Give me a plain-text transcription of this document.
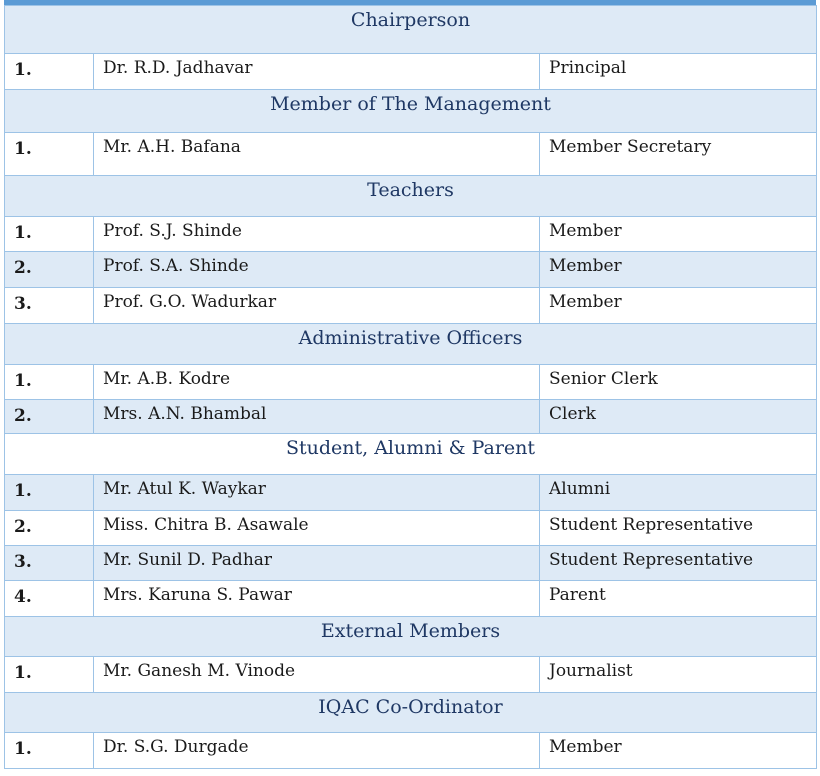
Chairperson		
1.	Dr. R.D. Jadhavar	Principal
Member of The Management		
1.	Mr. A.H. Bafana	Member Secretary
Teachers		
1.	Prof. S.J. Shinde	Member
2.	Prof. S.A. Shinde	Member
3.	Prof. G.O. Wadurkar	Member
Administrative Officers		
1.	Mr. A.B. Kodre	Senior Clerk
2.	Mrs. A.N. Bhambal	Clerk
Student, Alumni & Parent		
1.	Mr. Atul K. Waykar	Alumni
2.	Miss. Chitra B. Asawale	Student Representative
3.	Mr. Sunil D. Padhar	Student Representative
4.	Mrs. Karuna S. Pawar	Parent
External Members		
1.	Mr. Ganesh M. Vinode	Journalist
IQAC Co-Ordinator		
1.	Dr. S.G. Durgade	Member
